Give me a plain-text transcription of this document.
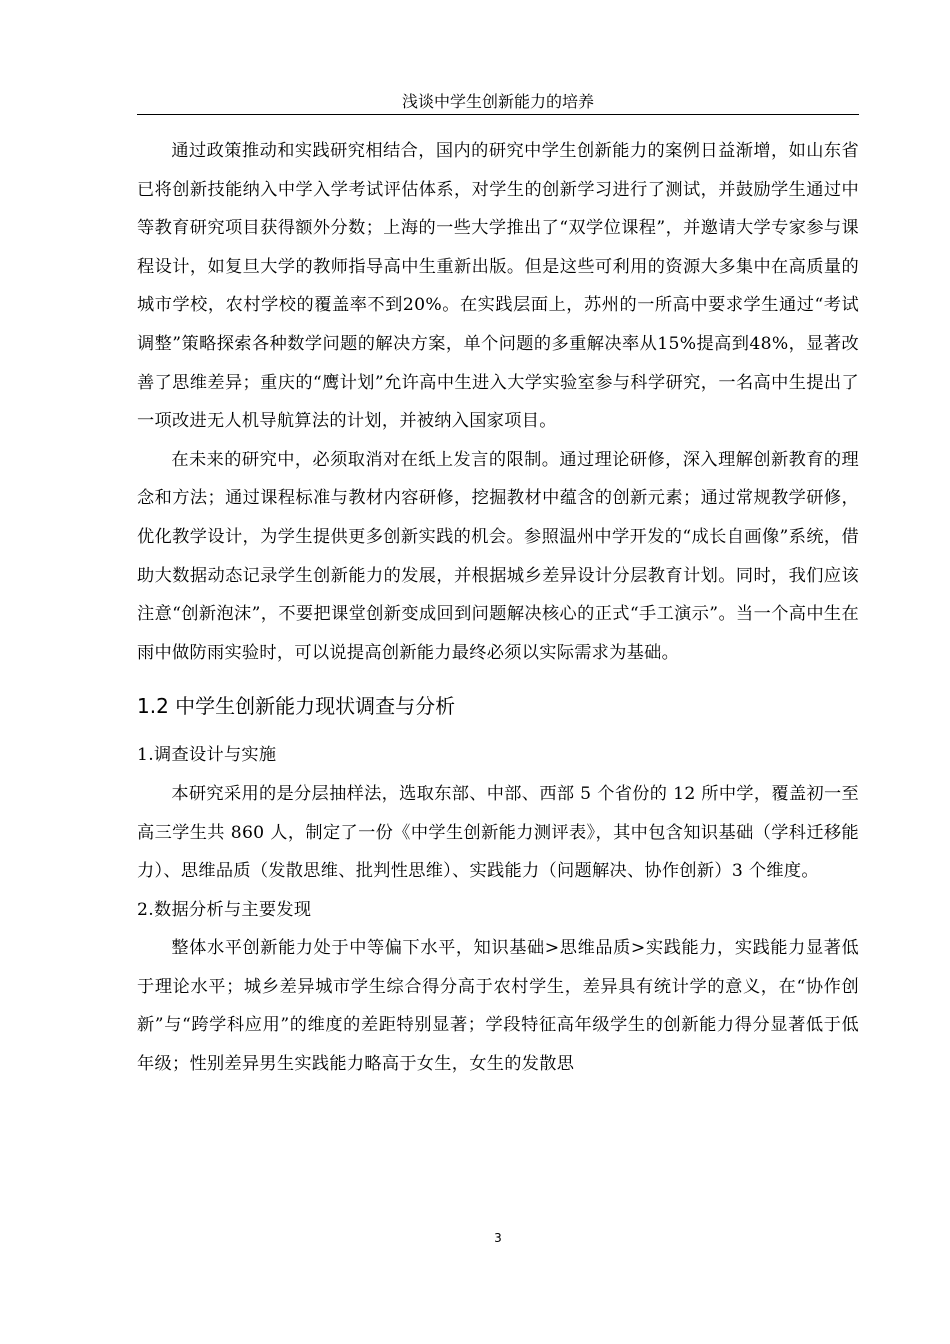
浅谈中学生创新能力的培养

通过政策推动和实践研究相结合，国内的研究中学生创新能力的案例日益渐增，如山东省已将创新技能纳入中学入学考试评估体系，对学生的创新学习进行了测试，并鼓励学生通过中等教育研究项目获得额外分数；上海的一些大学推出了“双学位课程”，并邀请大学专家参与课程设计，如复旦大学的教师指导高中生重新出版。但是这些可利用的资源大多集中在高质量的城市学校，农村学校的覆盖率不到20%。在实践层面上，苏州的一所高中要求学生通过“考试调整”策略探索各种数学问题的解决方案，单个问题的多重解决率从15%提高到48%，显著改善了思维差异；重庆的“鹰计划”允许高中生进入大学实验室参与科学研究，一名高中生提出了一项改进无人机导航算法的计划，并被纳入国家项目。

在未来的研究中，必须取消对在纸上发言的限制。通过理论研修，深入理解创新教育的理念和方法；通过课程标准与教材内容研修，挖掘教材中蕴含的创新元素；通过常规教学研修，优化教学设计，为学生提供更多创新实践的机会。参照温州中学开发的“成长自画像”系统，借助大数据动态记录学生创新能力的发展，并根据城乡差异设计分层教育计划。同时，我们应该注意“创新泡沫”，不要把课堂创新变成回到问题解决核心的正式“手工演示”。当一个高中生在雨中做防雨实验时，可以说提高创新能力最终必须以实际需求为基础。

1.2 中学生创新能力现状调查与分析

1.调查设计与实施

本研究采用的是分层抽样法，选取东部、中部、西部 5 个省份的 12 所中学，覆盖初一至高三学生共 860 人，制定了一份《中学生创新能力测评表》，其中包含知识基础（学科迁移能力）、思维品质（发散思维、批判性思维）、实践能力（问题解决、协作创新）3 个维度。

2.数据分析与主要发现

整体水平创新能力处于中等偏下水平，知识基础>思维品质>实践能力，实践能力显著低于理论水平；城乡差异城市学生综合得分高于农村学生，差异具有统计学的意义，在“协作创新”与“跨学科应用”的维度的差距特别显著；学段特征高年级学生的创新能力得分显著低于低年级；性别差异男生实践能力略高于女生，女生的发散思

3
